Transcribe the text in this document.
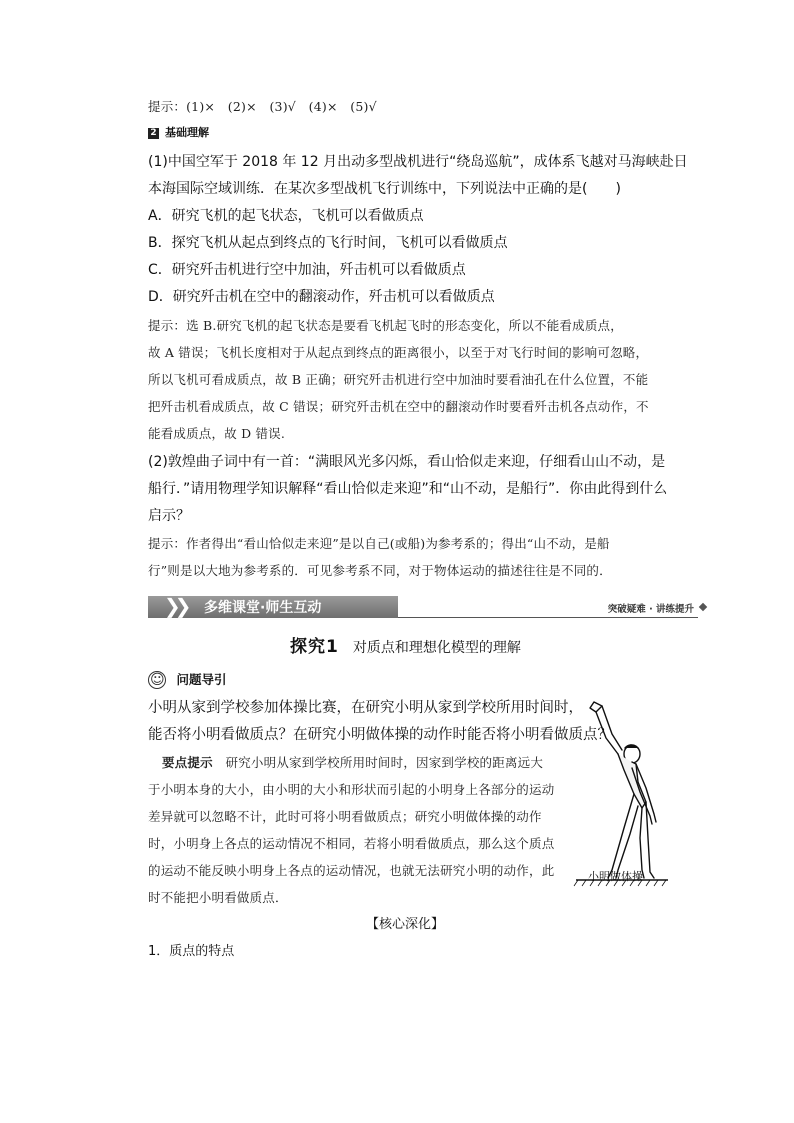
提示：(1)×　(2)×　(3)√　(4)×　(5)√
2 基础理解
(1)中国空军于 2018 年 12 月出动多型战机进行“绕岛巡航”，成体系飞越对马海峡赴日
本海国际空域训练．在某次多型战机飞行训练中，下列说法中正确的是(　　)
A．研究飞机的起飞状态，飞机可以看做质点
B．探究飞机从起点到终点的飞行时间，飞机可以看做质点
C．研究歼击机进行空中加油，歼击机可以看做质点
D．研究歼击机在空中的翻滚动作，歼击机可以看做质点
提示：选 B.研究飞机的起飞状态是要看飞机起飞时的形态变化，所以不能看成质点，
故 A 错误；飞机长度相对于从起点到终点的距离很小，以至于对飞行时间的影响可忽略，
所以飞机可看成质点，故 B 正确；研究歼击机进行空中加油时要看油孔在什么位置，不能
把歼击机看成质点，故 C 错误；研究歼击机在空中的翻滚动作时要看歼击机各点动作，不
能看成质点，故 D 错误.
(2)敦煌曲子词中有一首：“满眼风光多闪烁，看山恰似走来迎，仔细看山山不动，是
船行．”请用物理学知识解释“看山恰似走来迎”和“山不动，是船行”．你由此得到什么
启示？
提示：作者得出“看山恰似走来迎”是以自己(或船)为参考系的；得出“山不动，是船
行”则是以大地为参考系的．可见参考系不同，对于物体运动的描述往往是不同的．
❯❯ 多维课堂·师生互动	突破疑难 · 讲练提升
探究1　 对质点和理想化模型的理解
☺ 问题导引
小明从家到学校参加体操比赛，在研究小明从家到学校所用时间时，
能否将小明看做质点？在研究小明做体操的动作时能否将小明看做质点？
要点提示　 研究小明从家到学校所用时间时，因家到学校的距离远大
于小明本身的大小，由小明的大小和形状而引起的小明身上各部分的运动
差异就可以忽略不计，此时可将小明看做质点；研究小明做体操的动作
时，小明身上各点的运动情况不相同，若将小明看做质点，那么这个质点
的运动不能反映小明身上各点的运动情况，也就无法研究小明的动作，此
时不能把小明看做质点．
小明做体操
【核心深化】
1．质点的特点
